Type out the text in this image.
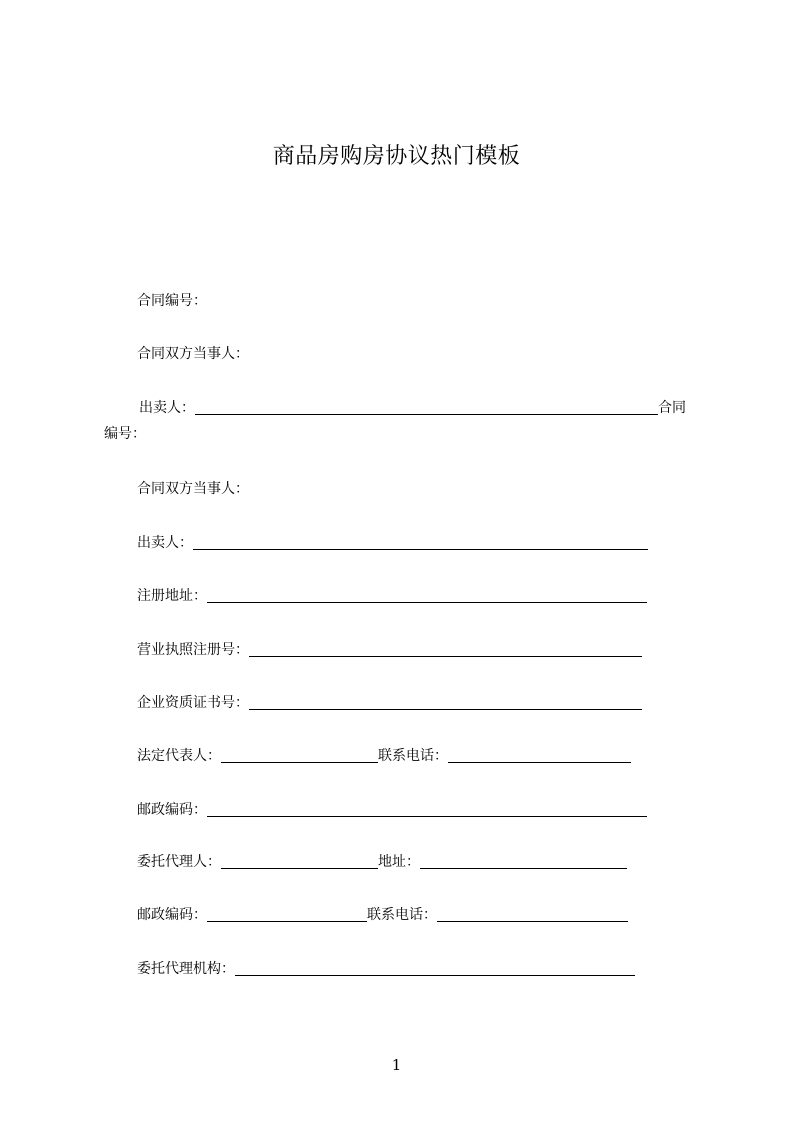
商品房购房协议热门模板
合同编号：
合同双方当事人：
出卖人：	合同
编号：
合同双方当事人：
出卖人：
注册地址：
营业执照注册号：
企业资质证书号：
法定代表人：	联系电话：
邮政编码：
委托代理人：	地址：
邮政编码：	联系电话：
委托代理机构：
1
